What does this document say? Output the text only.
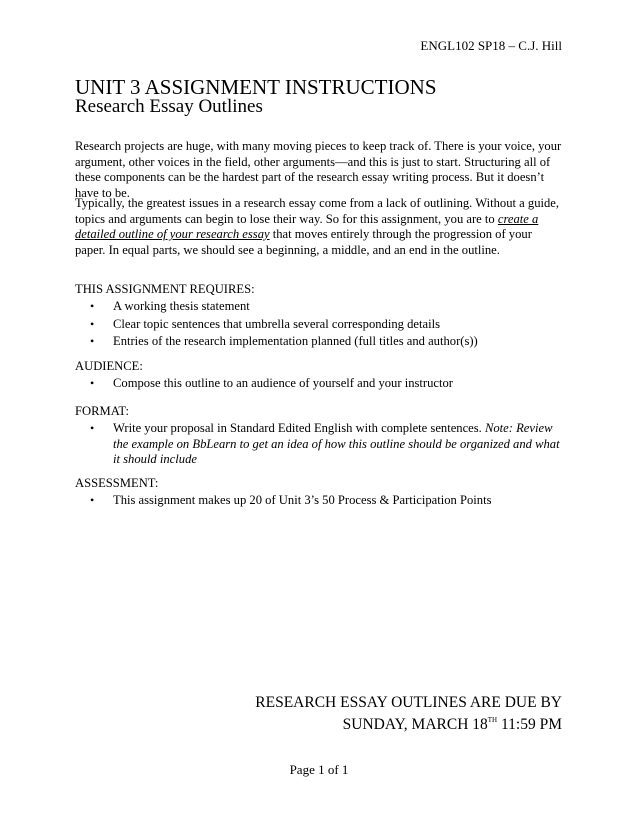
ENGL102 SP18 – C.J. Hill
UNIT 3 ASSIGNMENT INSTRUCTIONS
Research Essay Outlines

Research projects are huge, with many moving pieces to keep track of. There is your voice, your argument, other voices in the field, other arguments—and this is just to start. Structuring all of these components can be the hardest part of the research essay writing process. But it doesn’t have to be.

Typically, the greatest issues in a research essay come from a lack of outlining. Without a guide, topics and arguments can begin to lose their way. So for this assignment, you are to create a detailed outline of your research essay that moves entirely through the progression of your paper. In equal parts, we should see a beginning, a middle, and an end in the outline.

THIS ASSIGNMENT REQUIRES:

• A working thesis statement
• Clear topic sentences that umbrella several corresponding details
• Entries of the research implementation planned (full titles and author(s))

AUDIENCE:

• Compose this outline to an audience of yourself and your instructor

FORMAT:

• Write your proposal in Standard Edited English with complete sentences. Note: Review the example on BbLearn to get an idea of how this outline should be organized and what it should include

ASSESSMENT:

• This assignment makes up 20 of Unit 3’s 50 Process & Participation Points
RESEARCH ESSAY OUTLINES ARE DUE BY
SUNDAY, MARCH 18TH 11:59 PM
Page 1 of 1
